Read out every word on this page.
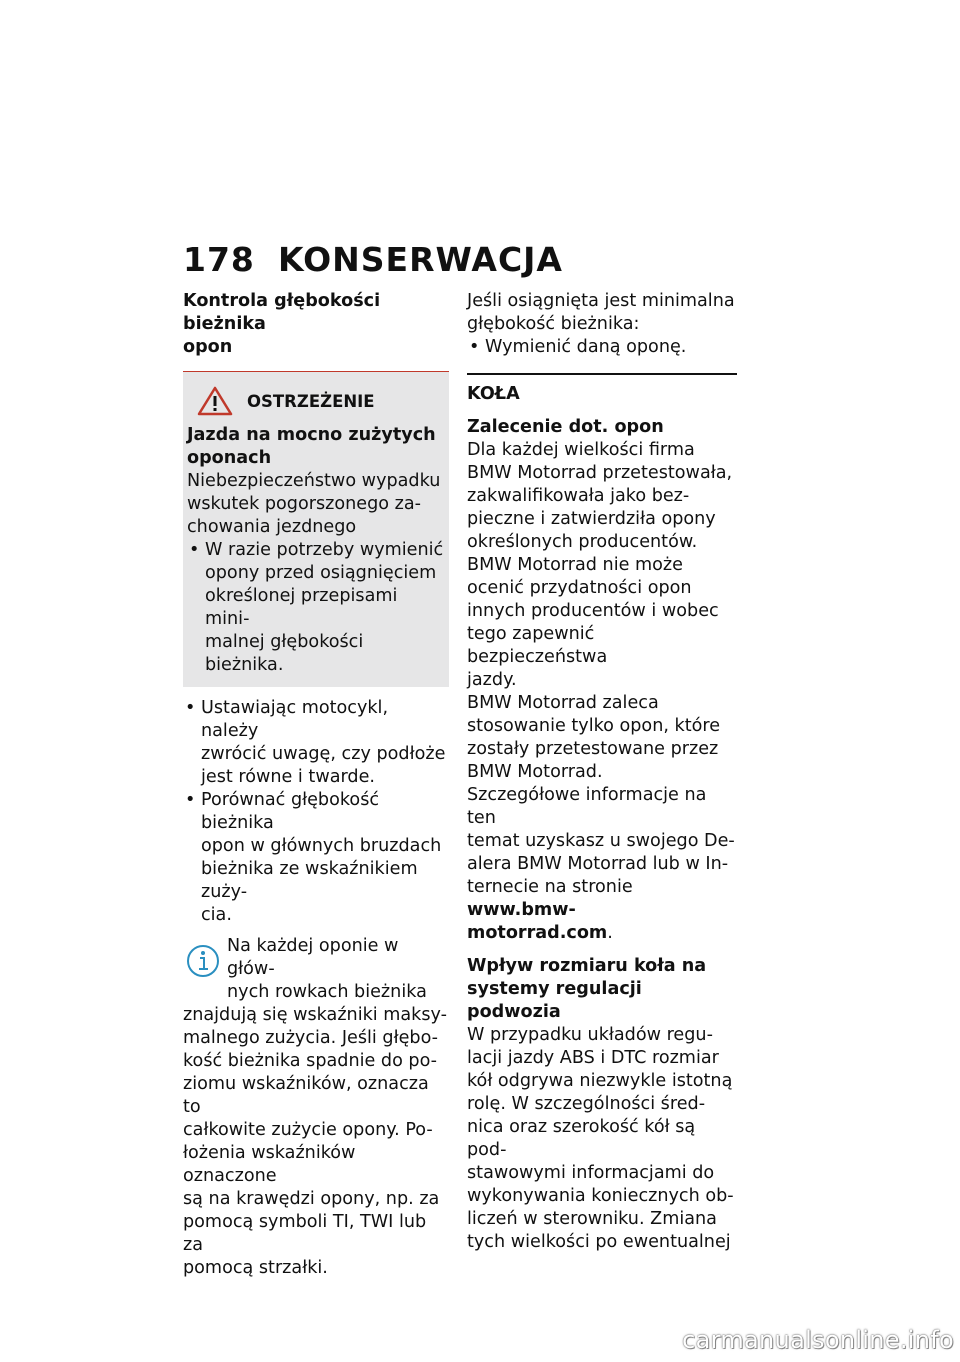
178 KONSERWACJA

Kontrola głębokości bieżnika
opon

OSTRZEŻENIE

Jazda na mocno zużytych
oponach

Niebezpieczeństwo wypadku
wskutek pogorszonego za-
chowania jezdnego

• W razie potrzeby wymienić
opony przed osiągnięciem
określonej przepisami mini-
malnej głębokości bieżnika.

• Ustawiając motocykl, należy
zwrócić uwagę, czy podłoże
jest równe i twarde.

• Porównać głębokość bieżnika
opon w głównych bruzdach
bieżnika ze wskaźnikiem zuży-
cia.

Na każdej oponie w głów-

nych rowkach bieżnika

znajdują się wskaźniki maksy-

malnego zużycia. Jeśli głębo-

kość bieżnika spadnie do po-

ziomu wskaźników, oznacza to

całkowite zużycie opony. Po-

łożenia wskaźników oznaczone

są na krawędzi opony, np. za

pomocą symboli TI, TWI lub za

pomocą strzałki.

Jeśli osiągnięta jest minimalna
głębokość bieżnika:

• Wymienić daną oponę.

KOŁA

Zalecenie dot. opon

Dla każdej wielkości firma

BMW Motorrad przetestowała,

zakwalifikowała jako bez-

pieczne i zatwierdziła opony

określonych producentów.

BMW Motorrad nie może

ocenić przydatności opon

innych producentów i wobec

tego zapewnić bezpieczeństwa

jazdy.

BMW Motorrad zaleca

stosowanie tylko opon, które

zostały przetestowane przez

BMW Motorrad.

Szczegółowe informacje na ten

temat uzyskasz u swojego De-

alera BMW Motorrad lub w In-

ternecie na stronie www.bmw-

motorrad.com.

Wpływ rozmiaru koła na
systemy regulacji podwozia

W przypadku układów regu-

lacji jazdy ABS i DTC rozmiar

kół odgrywa niezwykle istotną

rolę. W szczególności śred-

nica oraz szerokość kół są pod-

stawowymi informacjami do

wykonywania koniecznych ob-

liczeń w sterowniku. Zmiana

tych wielkości po ewentualnej

carmanualsonline.info
